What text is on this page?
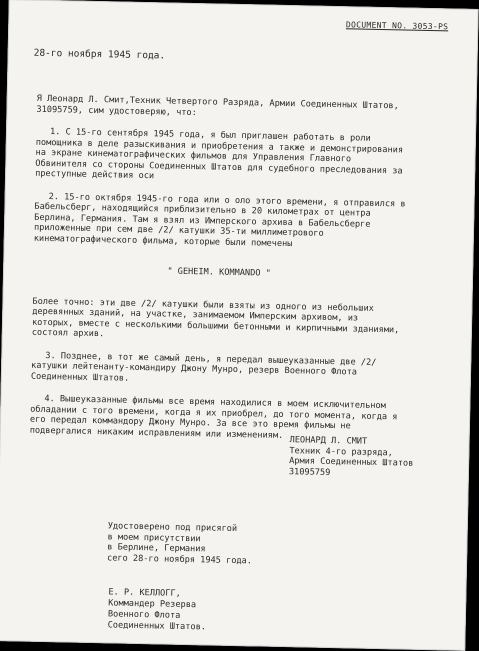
DOCUMENT NO. 3053-PS
28-го ноября 1945 года.

Я Леонард Л. Смит,Техник Четвертого Разряда, Армии Соединенных Штатов, 31095759, сим удостоверяю, что:

1. С 15-го сентября 1945 года, я был приглашен работать в роли помощника в деле разыскивания и приобретения а также и демонстрирования на экране кинематографических фильмов для Управления Главного Обвинителя со стороны Соединенных Штатов для судебного преследования за преступные действия оси

2. 15-го октября 1945-го года или о оло этого времени, я отправился в Бабельсберг, находящийся приблизительно в 20 километрах от центра Берлина, Германия. Там я взял из Имперского архива в Бабельсберге приложенные при сем две /2/ катушки 35-ти миллиметрового кинематографического фильма, которые были помечены

" GEHEIM. KOMMANDO "

Более точно: эти две /2/ катушки были взяты из одного из небольших деревянных зданий, на участке, занимаемом Имперским архивом, из которых, вместе с несколькими большими бетонными и кирпичными зданиями, состоял архив.

3. Позднее, в тот же самый день, я передал вышеуказанные две /2/ катушки лейтенанту-командиру Джону Мунро, резерв Военного Флота Соединенных Штатов.

4. Вышеуказанные фильмы все время находилися в моем исключительном обладании с того времени, когда я их приобрел, до того момента, когда я его передал коммандору Джону Мунро. За все это время фильмы не подвергалися никаким исправлениям или изменениям.

ЛЕОНАРД Л. СМИТ
Техник 4-го разряда,
Армия Соединенных Штатов
31095759
Удостоверено под присягой
в моем присутствии
в Берлине, Германия
сего 28-го ноября 1945 года.
Е. Р. КЕЛЛОГГ,
Коммандер Резерва
Военного Флота
Соединенных Штатов.
